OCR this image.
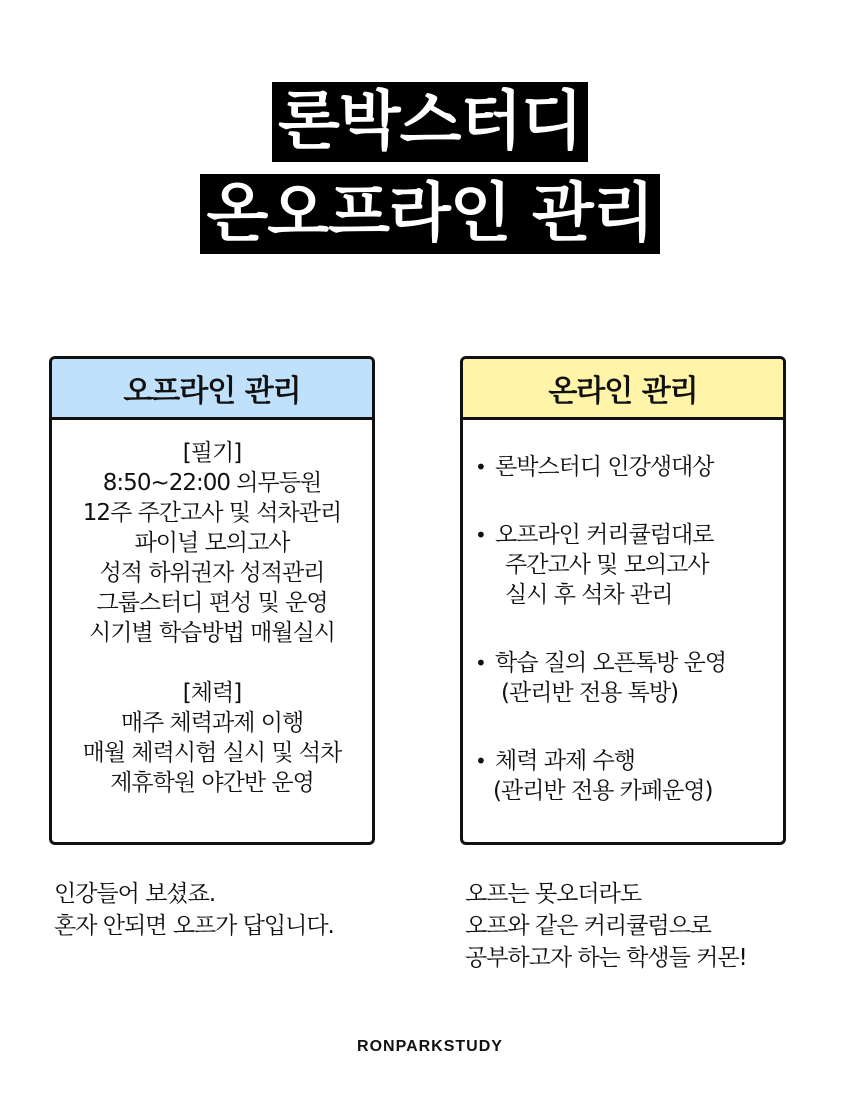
론박스터디
온오프라인 관리
오프라인 관리
[필기]
8:50~22:00 의무등원
12주 주간고사 및 석차관리
파이널 모의고사
성적 하위권자 성적관리
그룹스터디 편성 및 운영
시기별 학습방법 매월실시
[체력]
매주 체력과제 이행
매월 체력시험 실시 및 석차
제휴학원 야간반 운영
온라인 관리
• 론박스터디 인강생대상
• 오프라인 커리큘럼대로
주간고사 및 모의고사
실시 후 석차 관리
• 학습 질의 오픈톡방 운영
(관리반 전용 톡방)
• 체력 과제 수행
(관리반 전용 카페운영)
인강들어 보셨죠.
혼자 안되면 오프가 답입니다.
오프는 못오더라도
오프와 같은 커리큘럼으로
공부하고자 하는 학생들 커몬!
RONPARKSTUDY
